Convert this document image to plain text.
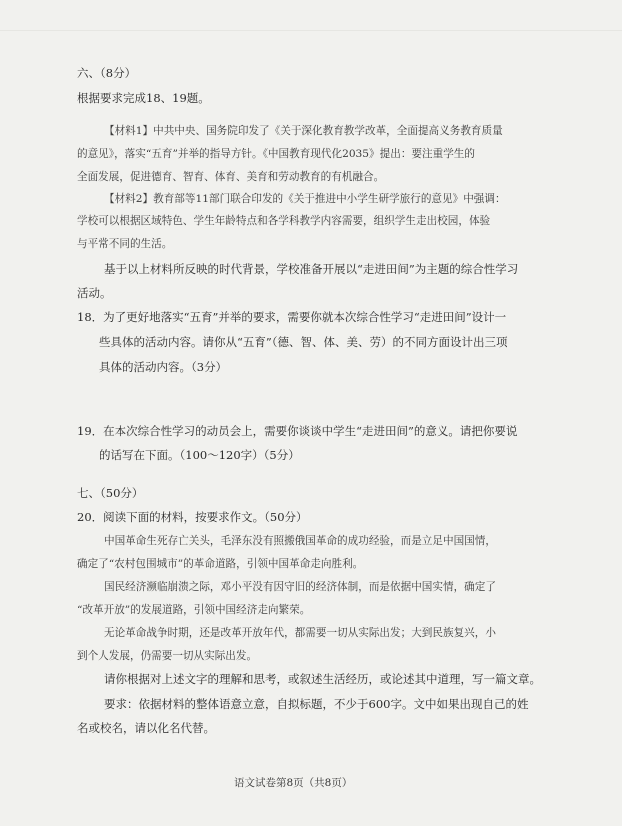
六、（8分）
根据要求完成18、19题。
【材料1】中共中央、国务院印发了《关于深化教育教学改革，全面提高义务教育质量
的意见》，落实“五育”并举的指导方针。《中国教育现代化2035》提出：要注重学生的
全面发展，促进德育、智育、体育、美育和劳动教育的有机融合。
【材料2】教育部等11部门联合印发的《关于推进中小学生研学旅行的意见》中强调：
学校可以根据区域特色、学生年龄特点和各学科教学内容需要，组织学生走出校园，体验
与平常不同的生活。
基于以上材料所反映的时代背景，学校准备开展以“走进田间”为主题的综合性学习
活动。
18．为了更好地落实“五育”并举的要求，需要你就本次综合性学习“走进田间”设计一
些具体的活动内容。请你从“五育”（德、智、体、美、劳）的不同方面设计出三项
具体的活动内容。（3分）
19．在本次综合性学习的动员会上，需要你谈谈中学生“走进田间”的意义。请把你要说
的话写在下面。（100～120字）（5分）
七、（50分）
20．阅读下面的材料，按要求作文。（50分）
中国革命生死存亡关头，毛泽东没有照搬俄国革命的成功经验，而是立足中国国情，
确定了“农村包围城市”的革命道路，引领中国革命走向胜利。
国民经济濒临崩溃之际，邓小平没有因守旧的经济体制，而是依据中国实情，确定了
“改革开放”的发展道路，引领中国经济走向繁荣。
无论革命战争时期，还是改革开放年代，都需要一切从实际出发；大到民族复兴，小
到个人发展，仍需要一切从实际出发。
请你根据对上述文字的理解和思考，或叙述生活经历，或论述其中道理，写一篇文章。
要求：依据材料的整体语意立意，自拟标题，不少于600字。文中如果出现自己的姓
名或校名，请以化名代替。
语文试卷第8页（共8页）
